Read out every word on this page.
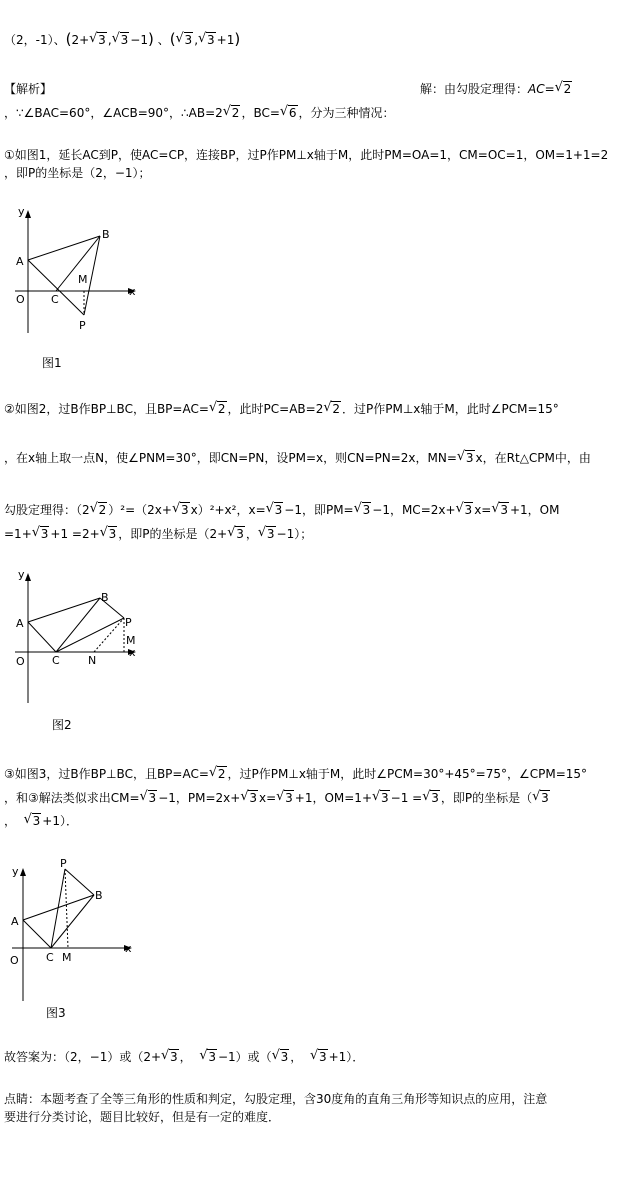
（2，-1）、(2+ √ 3 , √ 3 −1) 、( √ 3 , √ 3 +1)
【解析】	解：由勾股定理得：AC= √ 2
，∵∠BAC=60°，∠ACB=90°，∴AB=2 √ 2 ，BC= √ 6 ，分为三种情况：
①如图1，延长AC到P，使AC=CP，连接BP，过P作PM⊥x轴于M，此时PM=OA=1，CM=OC=1，OM=1+1=2
，即P的坐标是（2，−1）；
y
x
O
A
B
C
M
P
图1
②如图2，过B作BP⊥BC，且BP=AC= √ 2 ，此时PC=AB=2 √ 2 ．过P作PM⊥x轴于M，此时∠PCM=15°
，在x轴上取一点N，使∠PNM=30°，即CN=PN，设PM=x，则CN=PN=2x，MN= √ 3 x，在Rt△CPM中，由
勾股定理得：（2 √ 2 ）²=（2x+ √ 3 x）²+x²，x= √ 3 −1，即PM= √ 3 −1，MC=2x+ √ 3 x= √ 3 +1，OM
=1+ √ 3 +1 =2+ √ 3 ，即P的坐标是（2+ √ 3 ， √ 3 −1）；
y
x
O
A
B
C	N
P
M
图2
③如图3，过B作BP⊥BC，且BP=AC= √ 2 ，过P作PM⊥x轴于M，此时∠PCM=30°+45°=75°，∠CPM=15°
，和③解法类似求出CM= √ 3 −1，PM=2x+ √ 3 x= √ 3 +1，OM=1+ √ 3 −1 = √ 3 ，即P的坐标是（ √ 3
， √ 3 +1）．
y
x
O
A
B
C M
P
图3
故答案为：（2，−1）或（2+ √ 3 ， √ 3 −1）或（ √ 3 ， √ 3 +1）．
点睛：本题考查了全等三角形的性质和判定，勾股定理，含30度角的直角三角形等知识点的应用，注意
要进行分类讨论，题目比较好，但是有一定的难度．
